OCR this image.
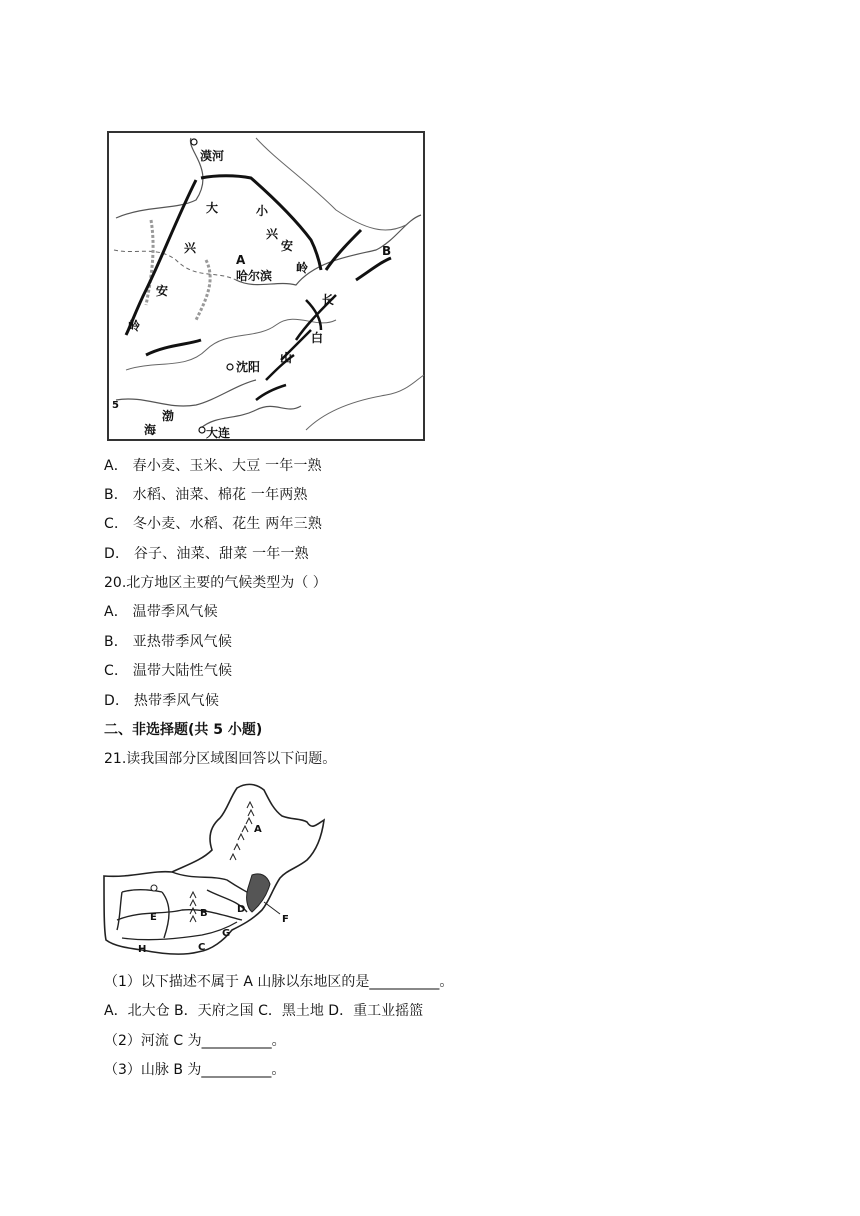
漠河
大
兴
安
岭
小
兴
安
岭
A
哈尔滨
B
长
白
山
沈阳
渤
海	大连
5
A． 春小麦、玉米、大豆 一年一熟
B． 水稻、油菜、棉花 一年两熟
C． 冬小麦、水稻、花生 两年三熟
D． 谷子、油菜、甜菜 一年一熟
20.北方地区主要的气候类型为（ ）
A． 温带季风气候
B． 亚热带季风气候
C． 温带大陆性气候
D． 热带季风气候
二、非选择题(共 5 小题)
21.读我国部分区域图回答以下问题。
A
B
C
D
E	F
G
H
（1）以下描述不属于 A 山脉以东地区的是__________。
A．北大仓 B．天府之国 C．黑土地 D．重工业摇篮
（2）河流 C 为__________。
（3）山脉 B 为__________。
